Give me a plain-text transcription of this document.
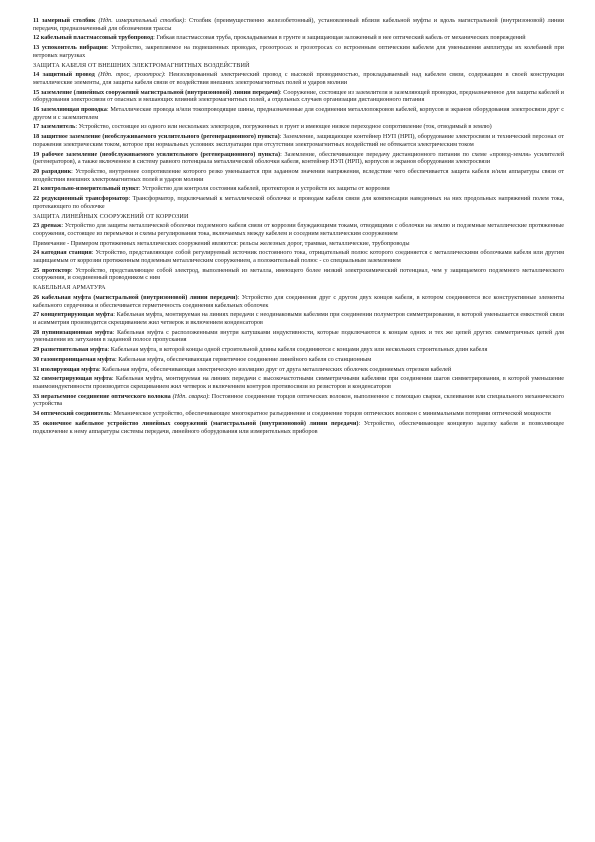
11 замерный столбик (Ндп. измерительный столбик): Столбик (преимущественно железобетонный), установленный вблизи кабельной муфты и вдоль магистральной (внутризоновой) линии передачи, предназначенный для обозначения трассы
12 кабельный пластмассовый трубопровод: Гибкая пластмассовая труба, прокладываемая в грунте и защищающая заложенный в нее оптический кабель от механических повреждений
13 успокоитель вибрации: Устройство, закрепляемое на подвешенных проводах, грозотросах и грозотросах со встроенным оптическим кабелем для уменьшения амплитуды их колебаний при ветровых нагрузках
ЗАЩИТА КАБЕЛЯ ОТ ВНЕШНИХ ЭЛЕКТРОМАГНИТНЫХ ВОЗДЕЙСТВИЙ
14 защитный провод (Ндп. трос, грозотрос): Неизолированный электрический провод с высокой проводимостью, прокладываемый над кабелем связи, содержащим в своей конструкции металлические элементы, для защиты кабеля связи от воздействия внешних электромагнитных полей и ударов молнии
15 заземление (линейных сооружений магистральной (внутризоновой) линии передачи): Сооружение, состоящее из заземлителя и заземляющей проводки, предназначенное для защиты кабелей и оборудования электросвязи от опасных и мешающих влияний электромагнитных полей, а отдельных случаев организации дистанционного питания
16 заземляющая проводка: Металлические провода и/или токопроводящие шины, предназначенные для соединения металлопокровов кабелей, корпусов и экранов оборудования электросвязи друг с другом и с заземлителем
17 заземлитель: Устройство, состоящее из одного или нескольких электродов, погруженных в грунт и имеющее низкое переходное сопротивление (ток, отводимый в землю)
18 защитное заземление (необслуживаемого усилительного (регенерационного) пункта): Заземление, защищающее контейнер НУП (НРП), оборудование электросвязи и технический персонал от поражения электрическим током, которое при нормальных условиях эксплуатации при отсутствии электромагнитных воздействий не обтекается электрическим током
19 рабочее заземление (необслуживаемого усилительного (регенерационного) пункта): Заземление, обеспечивающее передачу дистанционного питания по схеме «провод-земля» усилителей (регенераторов), а также включенное в систему равного потенциала металлической оболочки кабеля, контейнер НУП (НРП), корпусов и экранов оборудования электросвязи
20 разрядник: Устройство, внутреннее сопротивление которого резко уменьшается при заданном значении напряжения, вследствие чего обеспечивается защита кабеля и/или аппаратуры связи от воздействия внешних электромагнитных полей и ударов молнии
21 контрольно-измерительный пункт: Устройство для контроля состояния кабелей, протекторов и устройств их защиты от коррозии
22 редукционный трансформатор: Трансформатор, подключаемый к металлической оболочке и проводам кабеля связи для компенсации наведенных на них продольных напряжений полем тока, протекающего по оболочке
ЗАЩИТА ЛИНЕЙНЫХ СООРУЖЕНИЙ ОТ КОРРОЗИИ
23 дренаж: Устройство для защиты металлической оболочки подземного кабеля связи от коррозии блуждающими токами, отводящими с оболочки на землю и подземные металлические протяженные сооружения, состоящее из перемычки и схемы регулирования тока, включаемых между кабелем и соседним металлическим сооружением
Примечание - Примером протяженных металлических сооружений являются: рельсы железных дорог, трамваи, металлические, трубопроводы
24 катодная станция: Устройство, представляющее собой регулируемый источник постоянного тока, отрицательный полюс которого соединяется с металлическими оболочками кабеля или другим защищаемым от коррозии протяженным подземным металлическим сооружением, а положительный полюс - со специальным заземлением
25 протектор: Устройство, представляющее собой электрод, выполненный из металла, имеющего более низкий электрохимический потенциал, чем у защищаемого подземного металлического сооружения, и соединенный проводником с ним
КАБЕЛЬНАЯ АРМАТУРА
26 кабельная муфта (магистральной (внутризоновой) линии передачи): Устройство для соединения друг с другом двух концов кабеля, в котором соединяются все конструктивные элементы кабельного сердечника и обеспечивается герметичность соединения кабельных оболочек
27 концентрирующая муфта: Кабельная муфта, монтируемая на линиях передачи с неодинаковыми кабелями при соединении полуметров симметрирования, в которой уменьшается емкостной связи и асимметрия производится скрещиванием жил четверок и включением конденсаторов
28 пупинизационная муфта: Кабельная муфта с расположенными внутри катушками индуктивности, которые подключаются к концам одних и тех же цепей других симметричных цепей для уменьшения их затухания в заданной полосе пропускания
29 разветвительная муфта: Кабельная муфта, в которой концы одной строительной длины кабеля соединяются с концами двух или нескольких строительных длин кабеля
30 газонепроницаемая муфта: Кабельная муфта, обеспечивающая герметичное соединение линейного кабеля со станционным
31 изолирующая муфта: Кабельная муфта, обеспечивающая электрическую изоляцию друг от друга металлических оболочек соединяемых отрезков кабелей
32 симметрирующая муфта: Кабельная муфта, монтируемая на линиях передачи с высокочастотными симметричными кабелями при соединении шагов симметрирования, в которой уменьшение взаимоиндуктивности производится скрещиванием жил четверок и включением контуров противосвязи из резисторов и конденсаторов
33 неразъемное соединение оптического волокна (Ндп. сварка): Постоянное соединение торцов оптических волокон, выполненное с помощью сварки, склеивания или специального механического устройства
34 оптический соединитель: Механическое устройство, обеспечивающее многократное разъединение и соединение торцов оптических волокон с минимальными потерями оптической мощности
35 оконечное кабельное устройство линейных сооружений (магистральной (внутризоновой) линии передачи): Устройство, обеспечивающее концевую заделку кабеля и позволяющее подключение к нему аппаратуры системы передачи, линейного оборудования или измерительных приборов
